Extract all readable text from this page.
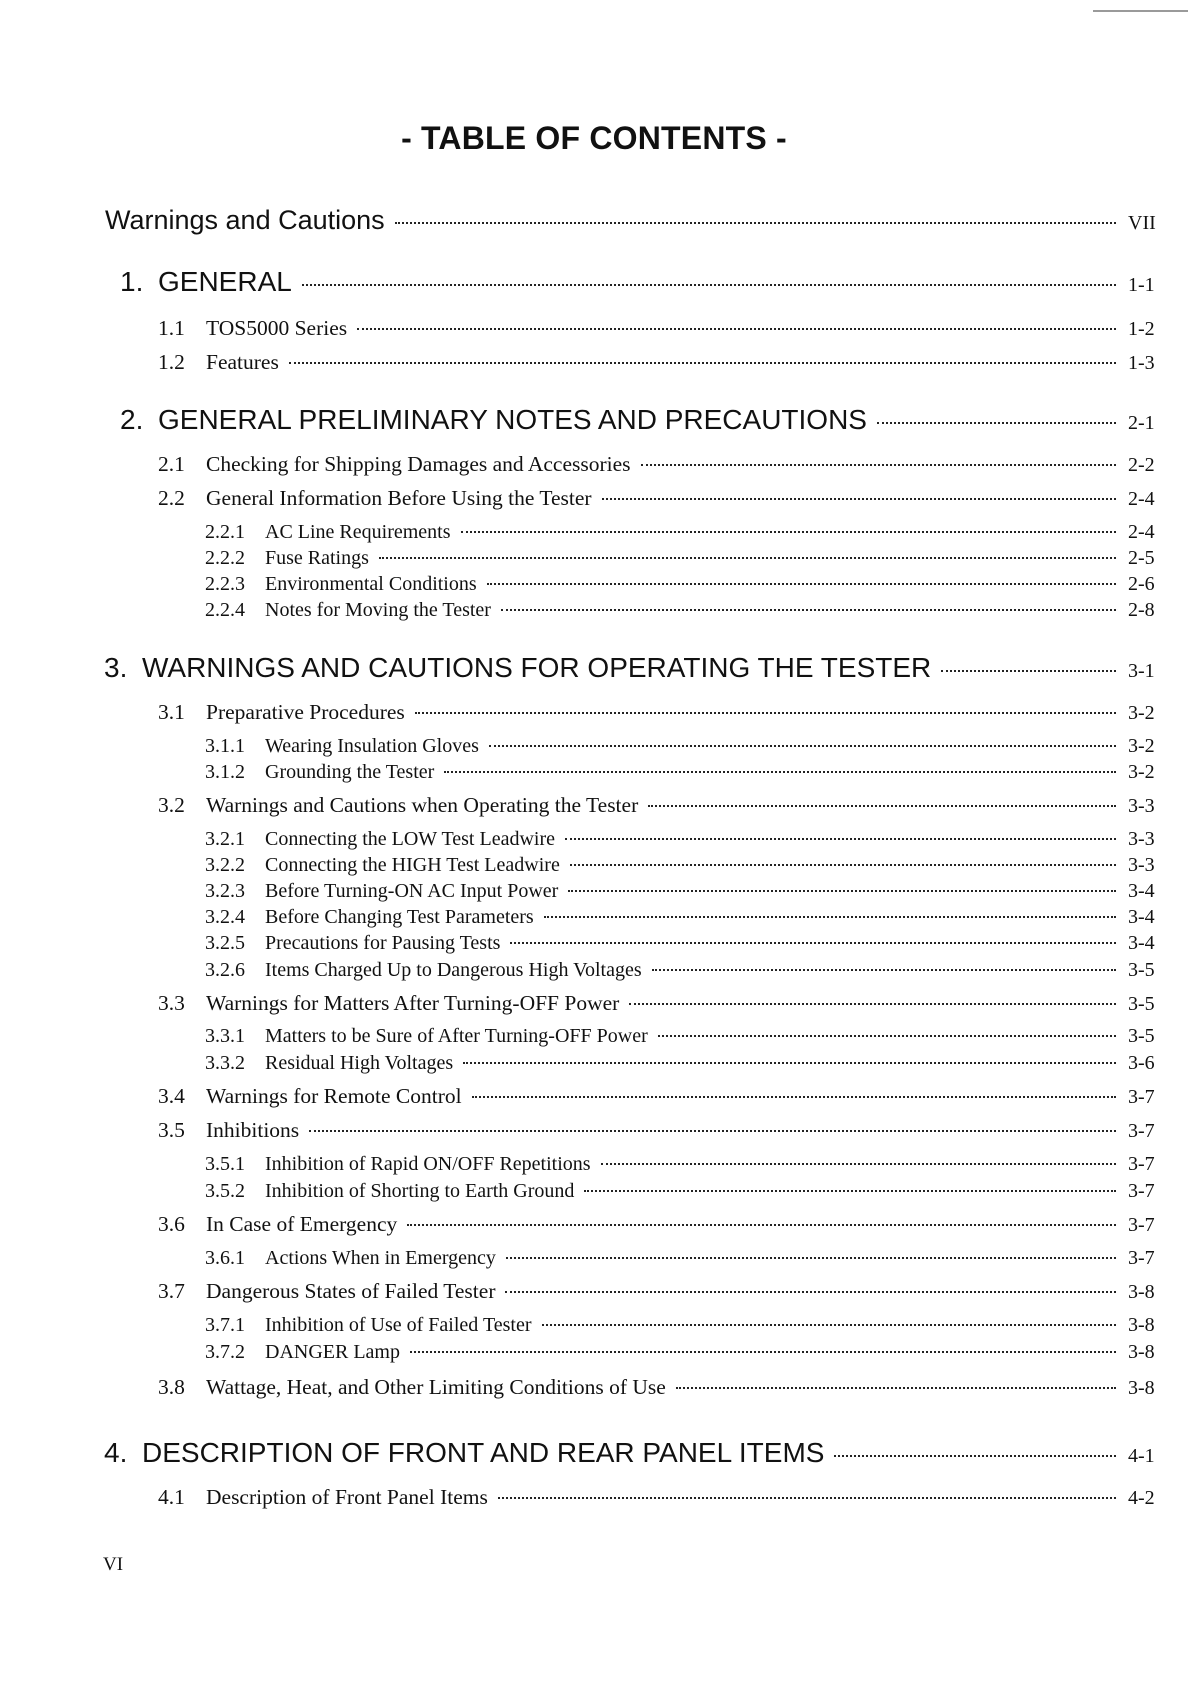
- TABLE OF CONTENTS -
Warnings and Cautions	VII
1. GENERAL	1-1
1.1 TOS5000 Series	1-2
1.2 Features	1-3
2. GENERAL PRELIMINARY NOTES AND PRECAUTIONS	2-1
2.1 Checking for Shipping Damages and Accessories	2-2
2.2 General Information Before Using the Tester	2-4
2.2.1	AC Line Requirements	2-4
2.2.2	Fuse Ratings	2-5
2.2.3	Environmental Conditions	2-6
2.2.4	Notes for Moving the Tester	2-8
3. WARNINGS AND CAUTIONS FOR OPERATING THE TESTER	3-1
3.1 Preparative Procedures	3-2
3.1.1	Wearing Insulation Gloves	3-2
3.1.2	Grounding the Tester	3-2
3.2 Warnings and Cautions when Operating the Tester	3-3
3.2.1	Connecting the LOW Test Leadwire	3-3
3.2.2	Connecting the HIGH Test Leadwire	3-3
3.2.3	Before Turning-ON AC Input Power	3-4
3.2.4	Before Changing Test Parameters	3-4
3.2.5	Precautions for Pausing Tests	3-4
3.2.6	Items Charged Up to Dangerous High Voltages	3-5
3.3 Warnings for Matters After Turning-OFF Power	3-5
3.3.1	Matters to be Sure of After Turning-OFF Power	3-5
3.3.2	Residual High Voltages	3-6
3.4 Warnings for Remote Control	3-7
3.5 Inhibitions	3-7
3.5.1	Inhibition of Rapid ON/OFF Repetitions	3-7
3.5.2	Inhibition of Shorting to Earth Ground	3-7
3.6 In Case of Emergency	3-7
3.6.1	Actions When in Emergency	3-7
3.7 Dangerous States of Failed Tester	3-8
3.7.1	Inhibition of Use of Failed Tester	3-8
3.7.2	DANGER Lamp	3-8
3.8 Wattage, Heat, and Other Limiting Conditions of Use	3-8
4. DESCRIPTION OF FRONT AND REAR PANEL ITEMS	4-1
4.1 Description of Front Panel Items	4-2
VI
